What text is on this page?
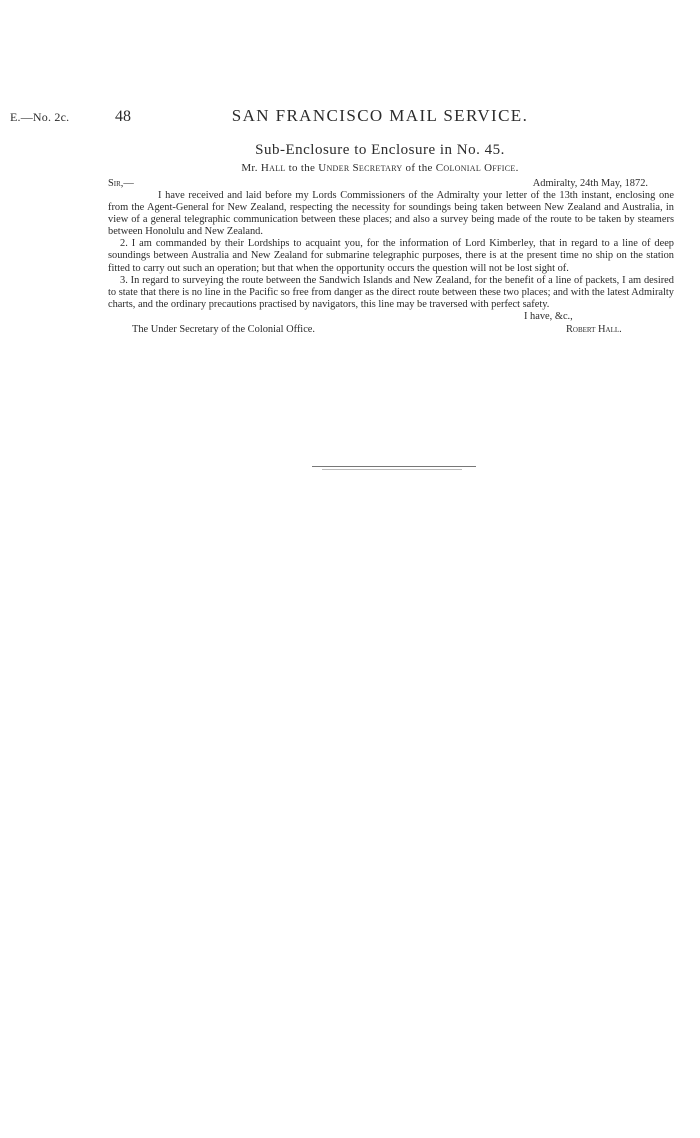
E.—No. 2c.	48	SAN FRANCISCO MAIL SERVICE.
Sub-Enclosure to Enclosure in No. 45.
Mr. Hall to the Under Secretary of the Colonial Office.
Sir,—	Admiralty, 24th May, 1872.

I have received and laid before my Lords Commissioners of the Admiralty your letter of the 13th instant, enclosing one from the Agent-General for New Zealand, respecting the necessity for soundings being taken between New Zealand and Australia, in view of a general telegraphic communication between these places; and also a survey being made of the route to be taken by steamers between Honolulu and New Zealand.

2. I am commanded by their Lordships to acquaint you, for the information of Lord Kimberley, that in regard to a line of deep soundings between Australia and New Zealand for submarine telegraphic purposes, there is at the present time no ship on the station fitted to carry out such an operation; but that when the opportunity occurs the question will not be lost sight of.

3. In regard to surveying the route between the Sandwich Islands and New Zealand, for the benefit of a line of packets, I am desired to state that there is no line in the Pacific so free from danger as the direct route between these two places; and with the latest Admiralty charts, and the ordinary precautions practised by navigators, this line may be traversed with perfect safety.

I have, &c.,
The Under Secretary of the Colonial Office.	Robert Hall.
